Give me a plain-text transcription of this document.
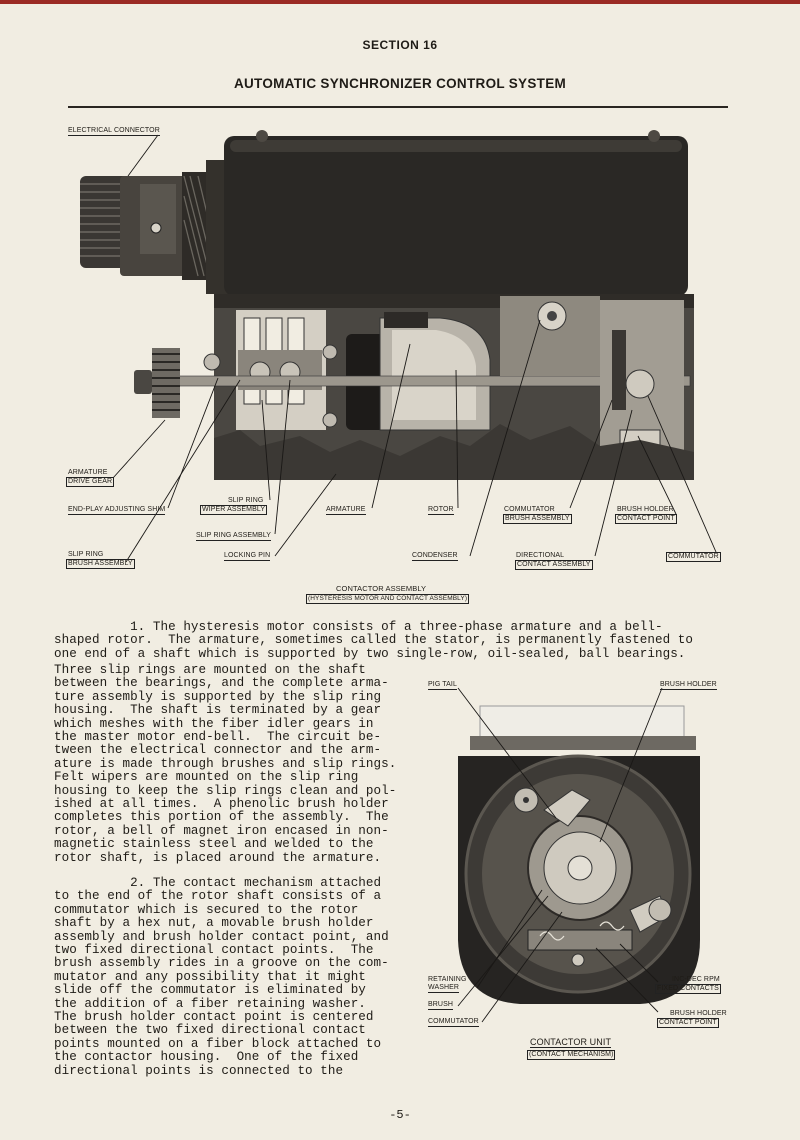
SECTION 16
AUTOMATIC SYNCHRONIZER CONTROL SYSTEM
ELECTRICAL CONNECTOR
ARMATURE
DRIVE GEAR
END-PLAY ADJUSTING SHIM
SLIP RING
WIPER ASSEMBLY	ARMATURE	ROTOR	COMMUTATOR
BRUSH ASSEMBLY
BRUSH HOLDER
CONTACT POINT
SLIP RING ASSEMBLY
SLIP RING
BRUSH ASSEMBLY
LOCKING PIN	CONDENSER	DIRECTIONAL
CONTACT ASSEMBLY
COMMUTATOR
CONTACTOR ASSEMBLY
(HYSTERESIS MOTOR AND CONTACT ASSEMBLY)
1. The hysteresis motor consists of a three-phase armature and a bell-
shaped rotor.  The armature, sometimes called the stator, is permanently fastened to
one end of a shaft which is supported by two single-row, oil-sealed, ball bearings.
Three slip rings are mounted on the shaft
between the bearings, and the complete arma-
ture assembly is supported by the slip ring
housing.  The shaft is terminated by a gear
which meshes with the fiber idler gears in
the master motor end-bell.  The circuit be-
tween the electrical connector and the arm-
ature is made through brushes and slip rings.
Felt wipers are mounted on the slip ring
housing to keep the slip rings clean and pol-
ished at all times.  A phenolic brush holder
completes this portion of the assembly.  The
rotor, a bell of magnet iron encased in non-
magnetic stainless steel and welded to the
rotor shaft, is placed around the armature.
2. The contact mechanism attached
to the end of the rotor shaft consists of a
commutator which is secured to the rotor
shaft by a hex nut, a movable brush holder
assembly and brush holder contact point, and
two fixed directional contact points.  The
brush assembly rides in a groove on the com-
mutator and any possibility that it might
slide off the commutator is eliminated by
the addition of a fiber retaining washer.
The brush holder contact point is centered
between the two fixed directional contact
points mounted on a fiber block attached to
the contactor housing.  One of the fixed
directional points is connected to the
PIG TAIL	BRUSH HOLDER
RETAINING
WASHER
BRUSH
COMMUTATOR
INC-DEC RPM
FIXED CONTACTS
BRUSH HOLDER
CONTACT POINT
CONTACTOR UNIT
(CONTACT MECHANISM)
-5-
